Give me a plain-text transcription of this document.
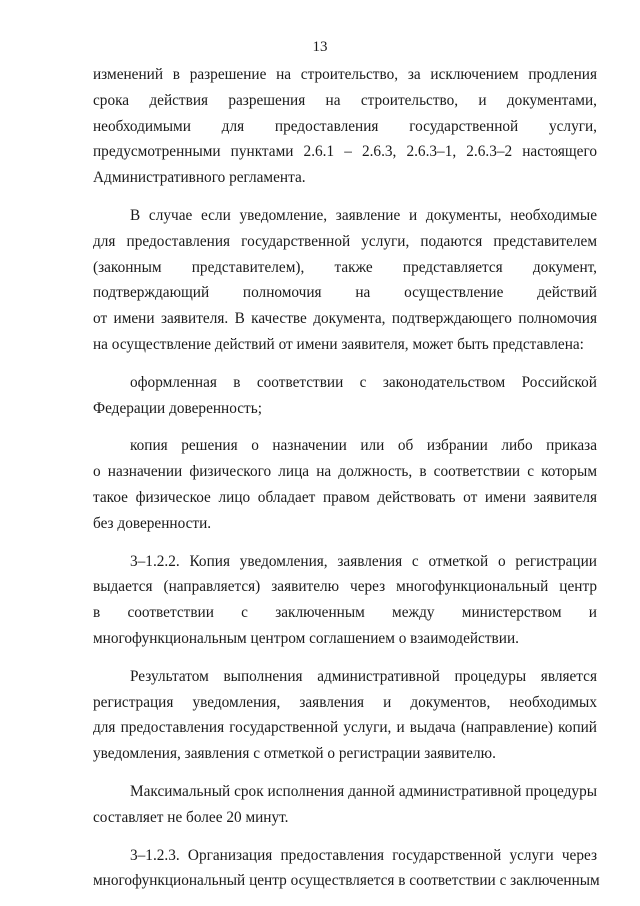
13
изменений в разрешение на строительство, за исключением продления
срока действия разрешения на строительство, и документами,
необходимыми для предоставления государственной услуги,
предусмотренными пунктами 2.6.1 – 2.6.3, 2.6.3–1, 2.6.3–2 настоящего
Административного регламента.
В случае если уведомление, заявление и документы, необходимые
для предоставления государственной услуги, подаются представителем
(законным представителем), также представляется документ,
подтверждающий полномочия на осуществление действий
от имени заявителя. В качестве документа, подтверждающего полномочия
на осуществление действий от имени заявителя, может быть представлена:
оформленная в соответствии с законодательством Российской
Федерации доверенность;
копия решения о назначении или об избрании либо приказа
о назначении физического лица на должность, в соответствии с которым
такое физическое лицо обладает правом действовать от имени заявителя
без доверенности.
3–1.2.2. Копия уведомления, заявления с отметкой о регистрации
выдается (направляется) заявителю через многофункциональный центр
в соответствии с заключенным между министерством и
многофункциональным центром соглашением о взаимодействии.
Результатом выполнения административной процедуры является
регистрация уведомления, заявления и документов, необходимых
для предоставления государственной услуги, и выдача (направление) копий
уведомления, заявления с отметкой о регистрации заявителю.
Максимальный срок исполнения данной административной процедуры
составляет не более 20 минут.
3–1.2.3. Организация предоставления государственной услуги через
многофункциональный центр осуществляется в соответствии с заключенным
